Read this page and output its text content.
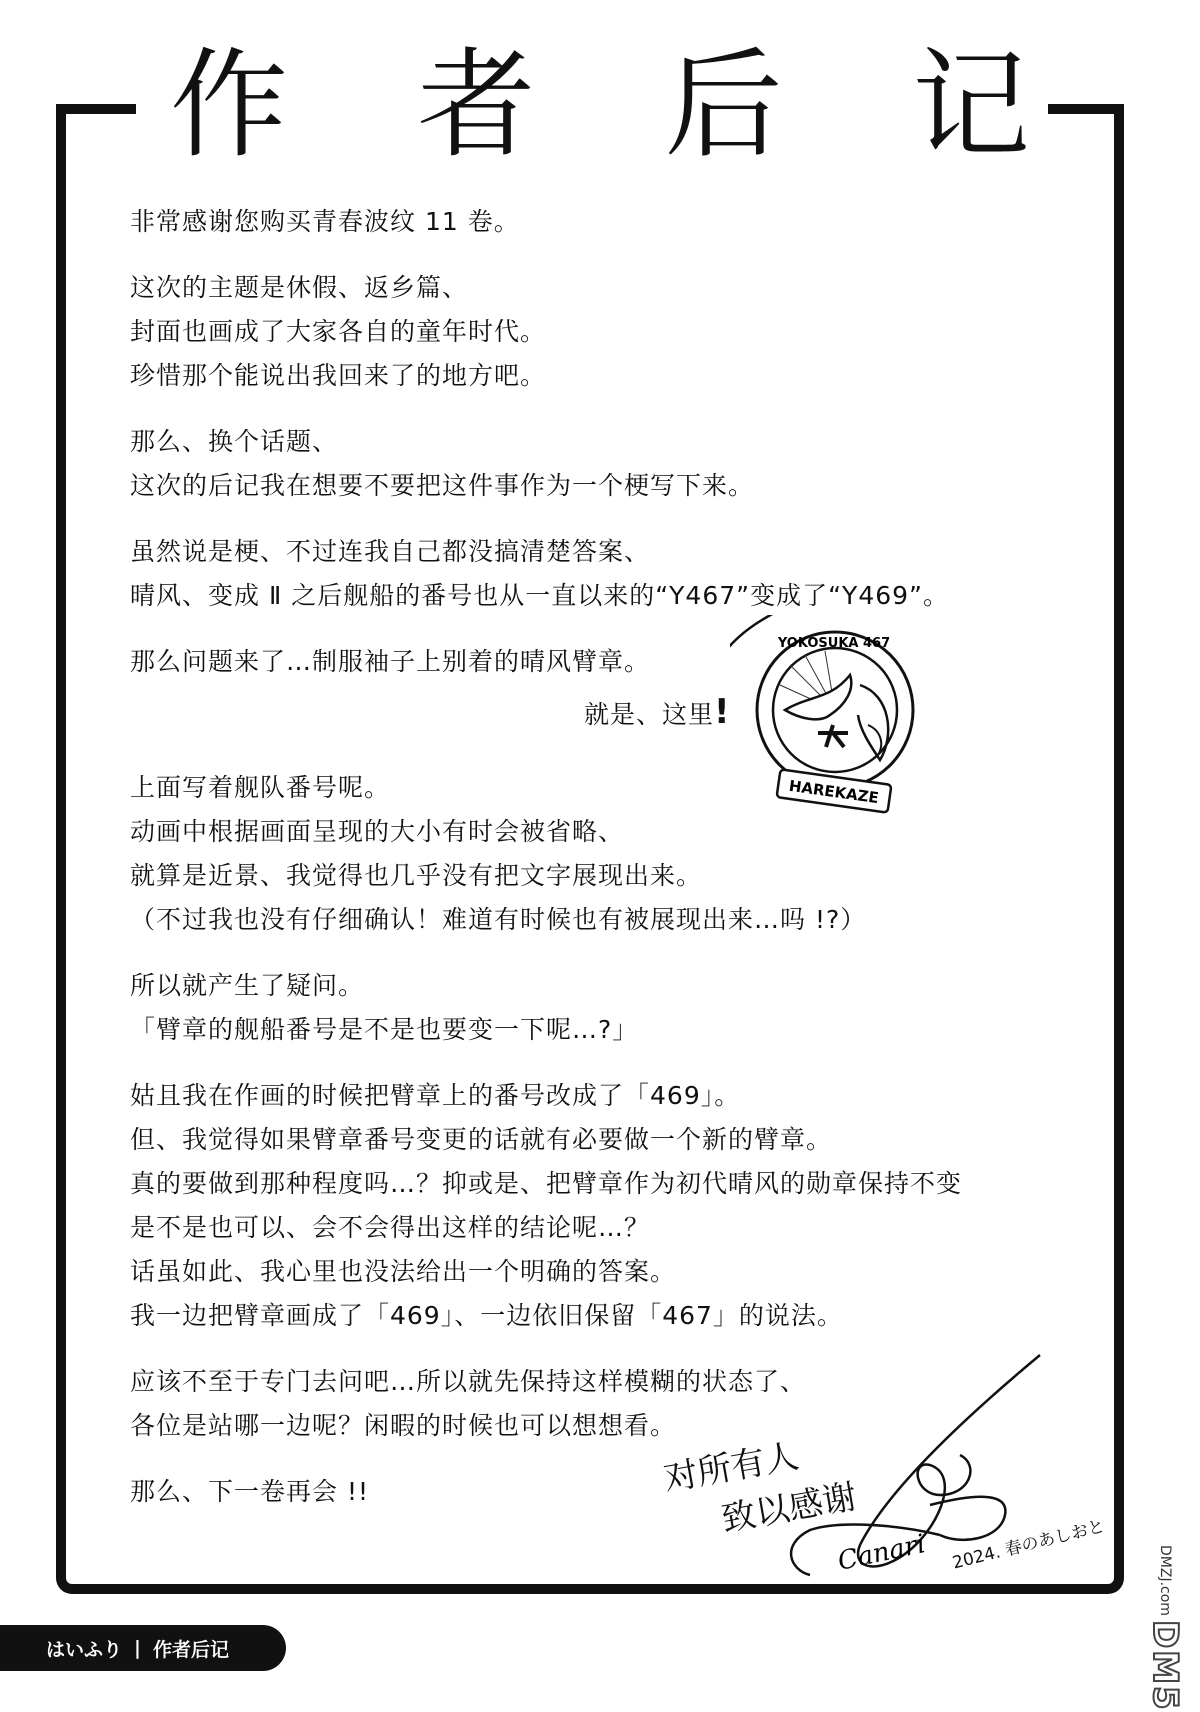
作 者 后 记

非常感谢您购买青春波纹 11 卷。

这次的主题是休假、返乡篇、
封面也画成了大家各自的童年时代。
珍惜那个能说出我回来了的地方吧。

那么、换个话题、
这次的后记我在想要不要把这件事作为一个梗写下来。

虽然说是梗、不过连我自己都没搞清楚答案、
晴风、变成 Ⅱ 之后舰船的番号也从一直以来的“Y467”变成了“Y469”。

那么问题来了…制服袖子上别着的晴风臂章。

上面写着舰队番号呢。
动画中根据画面呈现的大小有时会被省略、
就算是近景、我觉得也几乎没有把文字展现出来。
（不过我也没有仔细确认！难道有时候也有被展现出来…吗 !?）

所以就产生了疑问。
「臂章的舰船番号是不是也要变一下呢…?」

姑且我在作画的时候把臂章上的番号改成了「469」。
但、我觉得如果臂章番号变更的话就有必要做一个新的臂章。
真的要做到那种程度吗…？抑或是、把臂章作为初代晴风的勋章保持不变
是不是也可以、会不会得出这样的结论呢…？
话虽如此、我心里也没法给出一个明确的答案。
我一边把臂章画成了「469」、一边依旧保留「467」的说法。

应该不至于专门去问吧…所以就先保持这样模糊的状态了、
各位是站哪一边呢？闲暇的时候也可以想想看。

那么、下一卷再会 !!

就是、这里!
HAREKAZE
YOKOSUKA 467
Canari
对所有人
致以感谢
2024. 春のあしおと
はいふり | 作者后记
DMZJ.com
DM5
